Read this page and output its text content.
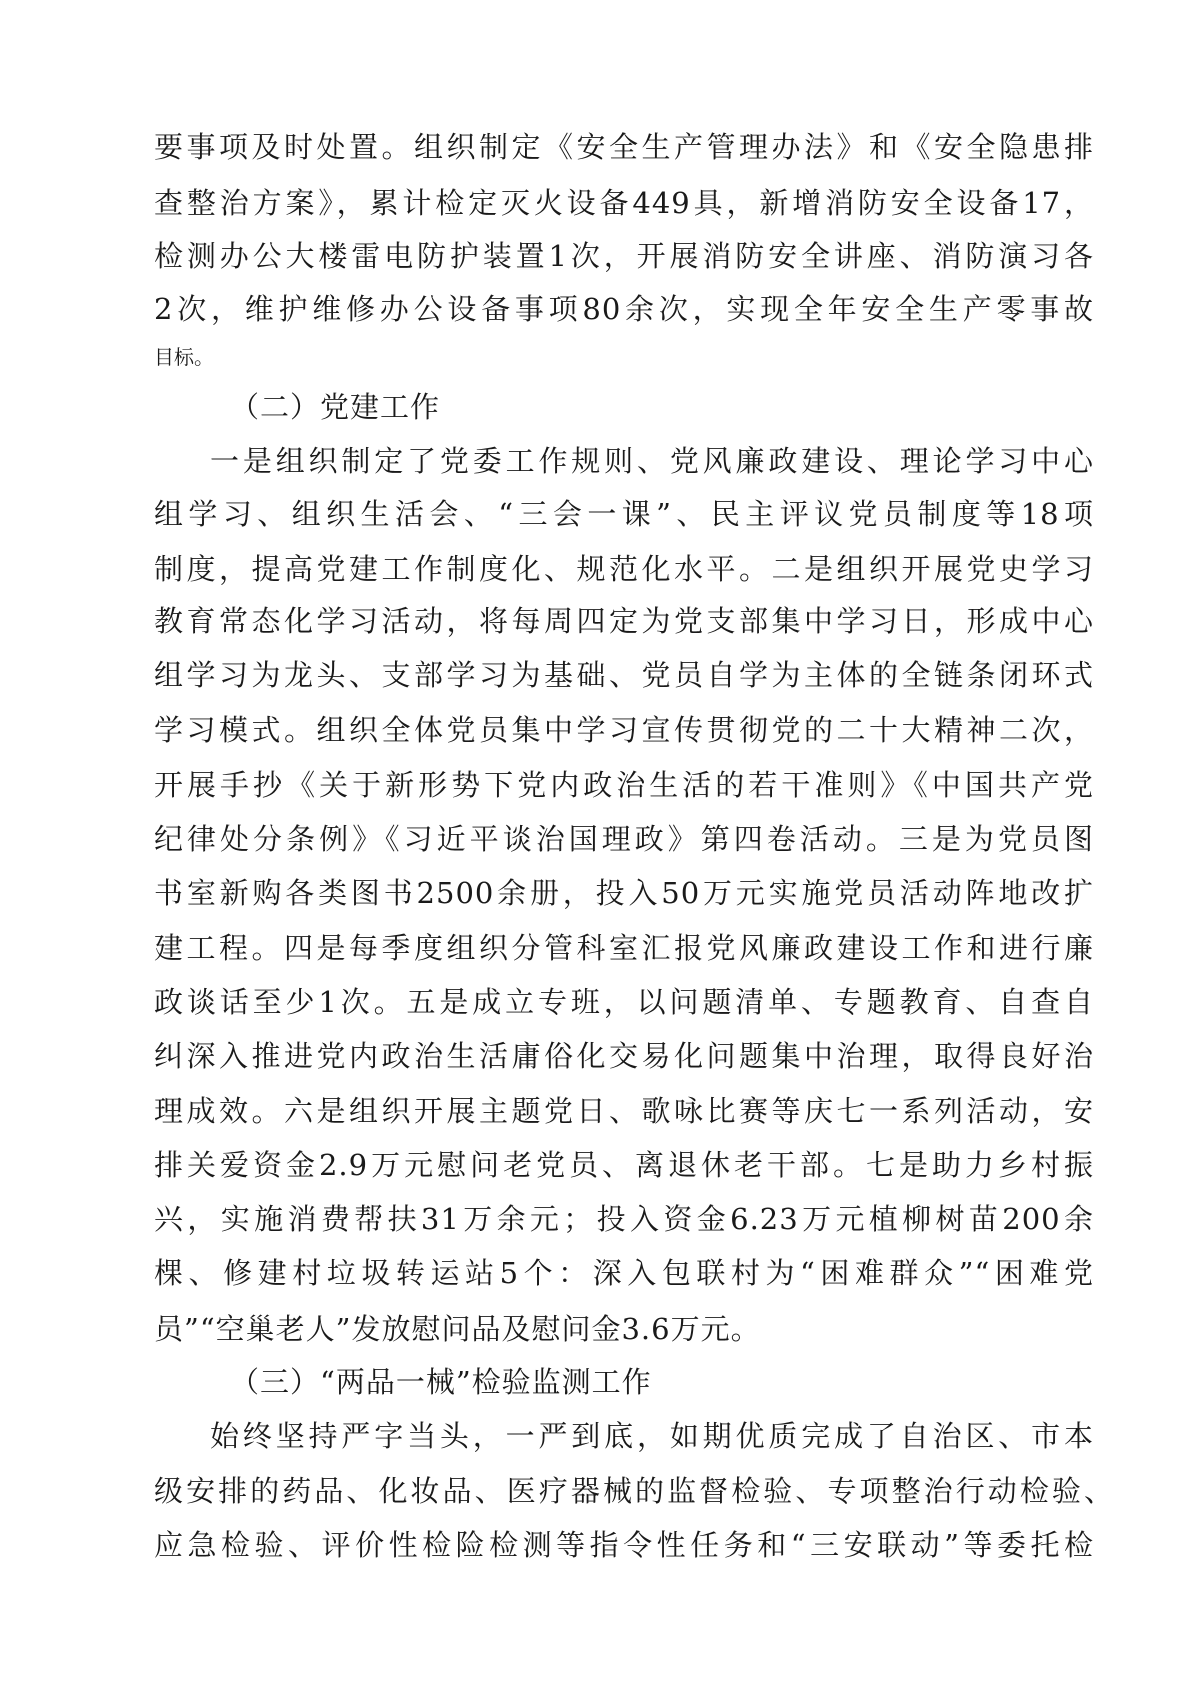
要事项及时处置。组织制定《安全生产管理办法》和《安全隐患排
查整治方案》，累计检定灭火设备449具，新增消防安全设备17，
检测办公大楼雷电防护装置1次，开展消防安全讲座、消防演习各
2次，维护维修办公设备事项80余次，实现全年安全生产零事故
目标。
（二）党建工作
一是组织制定了党委工作规则、党风廉政建设、理论学习中心
组学习、组织生活会、“三会一课”、民主评议党员制度等18项
制度，提高党建工作制度化、规范化水平。二是组织开展党史学习
教育常态化学习活动，将每周四定为党支部集中学习日，形成中心
组学习为龙头、支部学习为基础、党员自学为主体的全链条闭环式
学习模式。组织全体党员集中学习宣传贯彻党的二十大精神二次，
开展手抄《关于新形势下党内政治生活的若干准则》《中国共产党
纪律处分条例》《习近平谈治国理政》第四卷活动。三是为党员图
书室新购各类图书2500余册，投入50万元实施党员活动阵地改扩
建工程。四是每季度组织分管科室汇报党风廉政建设工作和进行廉
政谈话至少1次。五是成立专班，以问题清单、专题教育、自查自
纠深入推进党内政治生活庸俗化交易化问题集中治理，取得良好治
理成效。六是组织开展主题党日、歌咏比赛等庆七一系列活动，安
排关爱资金2.9万元慰问老党员、离退休老干部。七是助力乡村振
兴，实施消费帮扶31万余元；投入资金6.23万元植柳树苗200余
棵、修建村垃圾转运站5个：深入包联村为“困难群众”“困难党
员”“空巢老人”发放慰问品及慰问金3.6万元。
（三）“两品一械”检验监测工作
始终坚持严字当头，一严到底，如期优质完成了自治区、市本
级安排的药品、化妆品、医疗器械的监督检验、专项整治行动检验、
应急检验、评价性检险检测等指令性任务和“三安联动”等委托检
